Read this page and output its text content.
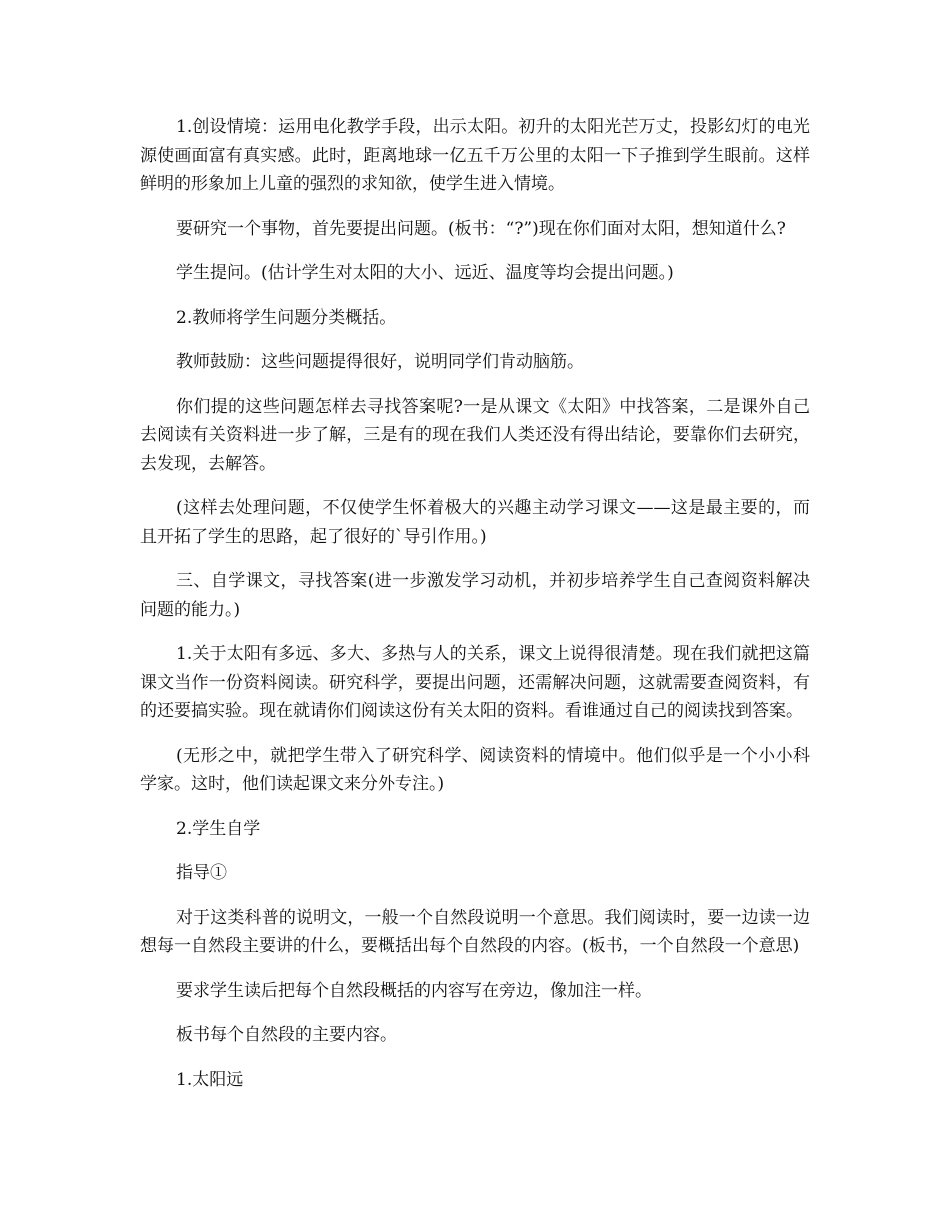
1.创设情境：运用电化教学手段，出示太阳。初升的太阳光芒万丈，投影幻灯的电光源使画面富有真实感。此时，距离地球一亿五千万公里的太阳一下子推到学生眼前。这样鲜明的形象加上儿童的强烈的求知欲，使学生进入情境。

要研究一个事物，首先要提出问题。(板书：“?”)现在你们面对太阳，想知道什么?

学生提问。(估计学生对太阳的大小、远近、温度等均会提出问题。)

2.教师将学生问题分类概括。

教师鼓励：这些问题提得很好，说明同学们肯动脑筋。

你们提的这些问题怎样去寻找答案呢?一是从课文《太阳》中找答案，二是课外自己去阅读有关资料进一步了解，三是有的现在我们人类还没有得出结论，要靠你们去研究，去发现，去解答。

(这样去处理问题，不仅使学生怀着极大的兴趣主动学习课文——这是最主要的，而且开拓了学生的思路，起了很好的`导引作用。)

三、自学课文，寻找答案(进一步激发学习动机，并初步培养学生自己查阅资料解决问题的能力。)

1.关于太阳有多远、多大、多热与人的关系，课文上说得很清楚。现在我们就把这篇课文当作一份资料阅读。研究科学，要提出问题，还需解决问题，这就需要查阅资料，有的还要搞实验。现在就请你们阅读这份有关太阳的资料。看谁通过自己的阅读找到答案。

(无形之中，就把学生带入了研究科学、阅读资料的情境中。他们似乎是一个小小科学家。这时，他们读起课文来分外专注。)

2.学生自学

指导①

对于这类科普的说明文，一般一个自然段说明一个意思。我们阅读时，要一边读一边想每一自然段主要讲的什么，要概括出每个自然段的内容。(板书，一个自然段一个意思)

要求学生读后把每个自然段概括的内容写在旁边，像加注一样。

板书每个自然段的主要内容。

1.太阳远
